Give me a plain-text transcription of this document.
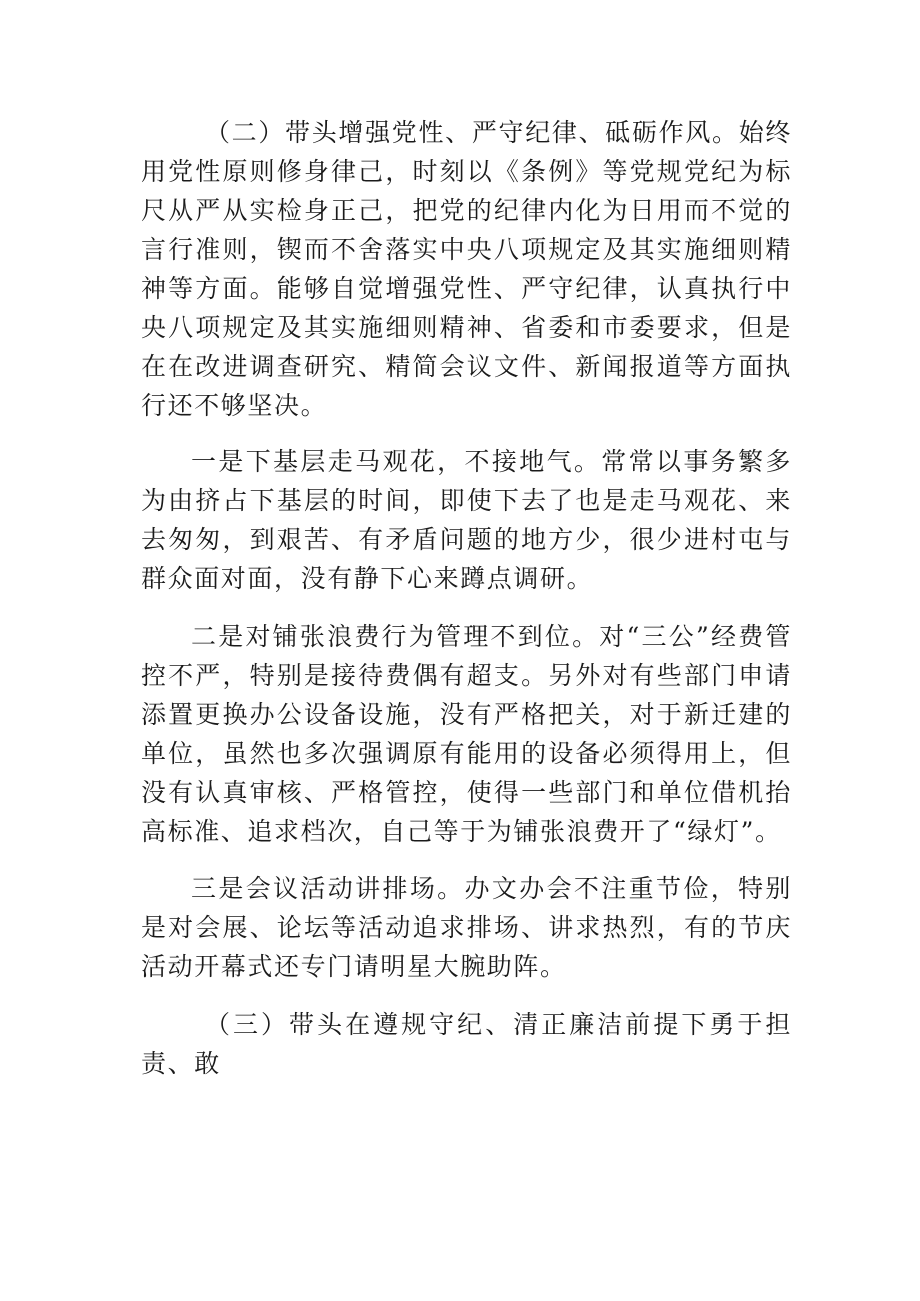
（二）带头增强党性、严守纪律、砥砺作风。始终用党性原则修身律己，时刻以《条例》等党规党纪为标尺从严从实检身正己，把党的纪律内化为日用而不觉的言行准则，锲而不舍落实中央八项规定及其实施细则精神等方面。能够自觉增强党性、严守纪律，认真执行中央八项规定及其实施细则精神、省委和市委要求，但是在在改进调查研究、精简会议文件、新闻报道等方面执行还不够坚决。

一是下基层走马观花，不接地气。常常以事务繁多为由挤占下基层的时间，即使下去了也是走马观花、来去匆匆，到艰苦、有矛盾问题的地方少，很少进村屯与群众面对面，没有静下心来蹲点调研。

二是对铺张浪费行为管理不到位。对“三公”经费管控不严，特别是接待费偶有超支。另外对有些部门申请添置更换办公设备设施，没有严格把关，对于新迁建的单位，虽然也多次强调原有能用的设备必须得用上，但没有认真审核、严格管控，使得一些部门和单位借机抬高标准、追求档次，自己等于为铺张浪费开了“绿灯”。

三是会议活动讲排场。办文办会不注重节俭，特别是对会展、论坛等活动追求排场、讲求热烈，有的节庆活动开幕式还专门请明星大腕助阵。

（三）带头在遵规守纪、清正廉洁前提下勇于担责、敢
